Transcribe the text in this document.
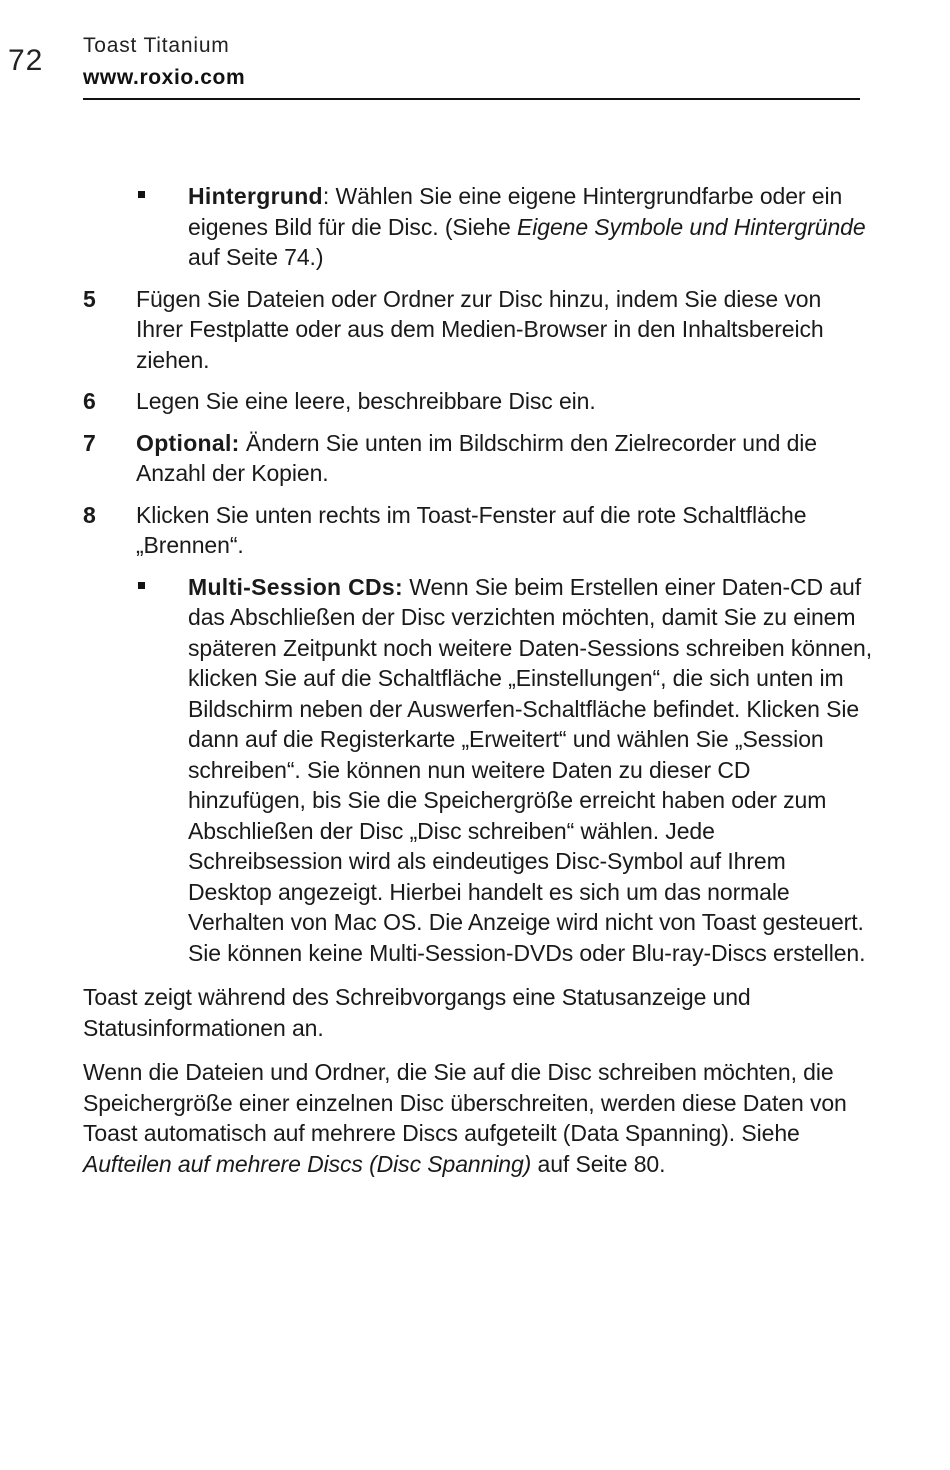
72 Toast Titanium
www.roxio.com
Hintergrund: Wählen Sie eine eigene Hintergrundfarbe oder ein eigenes Bild für die Disc. (Siehe Eigene Symbole und Hintergründe auf Seite 74.)
5 Fügen Sie Dateien oder Ordner zur Disc hinzu, indem Sie diese von Ihrer Festplatte oder aus dem Medien-Browser in den Inhaltsbereich ziehen.
6 Legen Sie eine leere, beschreibbare Disc ein.
7 Optional: Ändern Sie unten im Bildschirm den Zielrecorder und die Anzahl der Kopien.
8 Klicken Sie unten rechts im Toast-Fenster auf die rote Schaltfläche „Brennen“.
Multi-Session CDs: Wenn Sie beim Erstellen einer Daten-CD auf das Abschließen der Disc verzichten möchten, damit Sie zu einem späteren Zeitpunkt noch weitere Daten-Sessions schreiben können, klicken Sie auf die Schaltfläche „Einstellungen“, die sich unten im Bildschirm neben der Auswerfen-Schaltfläche befindet. Klicken Sie dann auf die Registerkarte „Erweitert“ und wählen Sie „Session schreiben“. Sie können nun weitere Daten zu dieser CD hinzufügen, bis Sie die Speichergröße erreicht haben oder zum Abschließen der Disc „Disc schreiben“ wählen. Jede Schreibsession wird als eindeutiges Disc-Symbol auf Ihrem Desktop angezeigt. Hierbei handelt es sich um das normale Verhalten von Mac OS. Die Anzeige wird nicht von Toast gesteuert. Sie können keine Multi-Session-DVDs oder Blu-ray-Discs erstellen.
Toast zeigt während des Schreibvorgangs eine Statusanzeige und Statusinformationen an.
Wenn die Dateien und Ordner, die Sie auf die Disc schreiben möchten, die Speichergröße einer einzelnen Disc überschreiten, werden diese Daten von Toast automatisch auf mehrere Discs aufgeteilt (Data Spanning). Siehe Aufteilen auf mehrere Discs (Disc Spanning) auf Seite 80.
